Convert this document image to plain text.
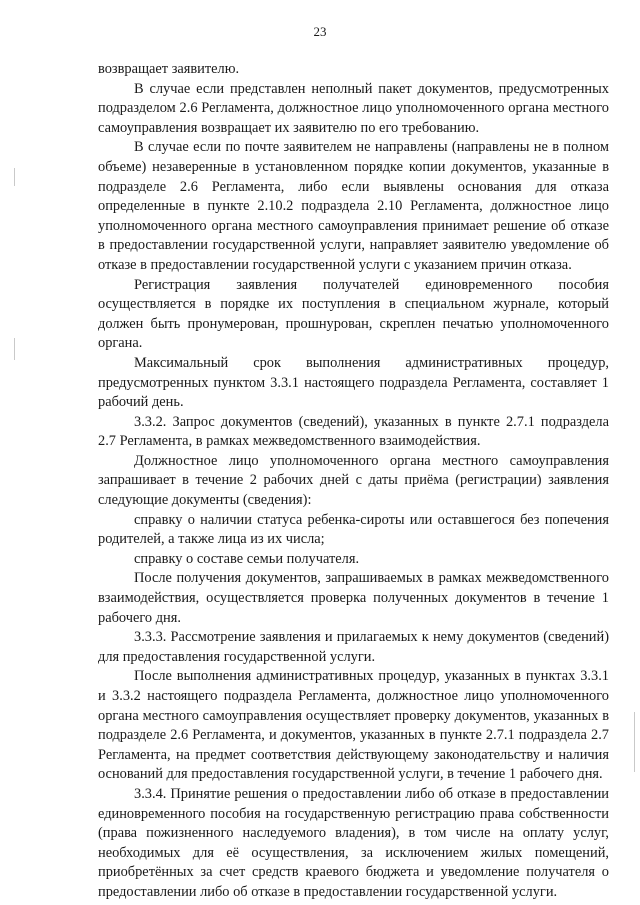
23

возвращает заявителю.

В случае если представлен неполный пакет документов, предусмотренных подразделом 2.6 Регламента, должностное лицо уполномоченного органа местного самоуправления возвращает их заявителю по его требованию.

В случае если по почте заявителем не направлены (направлены не в полном объеме) незаверенные в установленном порядке копии документов, указанные в подразделе 2.6 Регламента, либо если выявлены основания для отказа определенные в пункте 2.10.2 подраздела 2.10 Регламента, должностное лицо уполномоченного органа местного самоуправления принимает решение об отказе в предоставлении государственной услуги, направляет заявителю уведомление об отказе в предоставлении государственной услуги с указанием причин отказа.

Регистрация заявления получателей единовременного пособия осуществляется в порядке их поступления в специальном журнале, который должен быть пронумерован, прошнурован, скреплен печатью уполномоченного органа.

Максимальный срок выполнения административных процедур, предусмотренных пунктом 3.3.1 настоящего подраздела Регламента, составляет 1 рабочий день.

3.3.2. Запрос документов (сведений), указанных в пункте 2.7.1 подраздела 2.7 Регламента, в рамках межведомственного взаимодействия.

Должностное лицо уполномоченного органа местного самоуправления запрашивает в течение 2 рабочих дней с даты приёма (регистрации) заявления следующие документы (сведения):

справку о наличии статуса ребенка-сироты или оставшегося без попечения родителей, а также лица из их числа;

справку о составе семьи получателя.

После получения документов, запрашиваемых в рамках межведомственного взаимодействия, осуществляется проверка полученных документов в течение 1 рабочего дня.

3.3.3. Рассмотрение заявления и прилагаемых к нему документов (сведений) для предоставления государственной услуги.

После выполнения административных процедур, указанных в пунктах 3.3.1 и 3.3.2 настоящего подраздела Регламента, должностное лицо уполномоченного органа местного самоуправления осуществляет проверку документов, указанных в подразделе 2.6 Регламента, и документов, указанных в пункте 2.7.1 подраздела 2.7 Регламента, на предмет соответствия действующему законодательству и наличия оснований для предоставления государственной услуги, в течение 1 рабочего дня.

3.3.4. Принятие решения о предоставлении либо об отказе в предоставлении единовременного пособия на государственную регистрацию права собственности (права пожизненного наследуемого владения), в том числе на оплату услуг, необходимых для её осуществления, за исключением жилых помещений, приобретённых за счет средств краевого бюджета и уведомление получателя о предоставлении либо об отказе в предоставлении государственной услуги.
